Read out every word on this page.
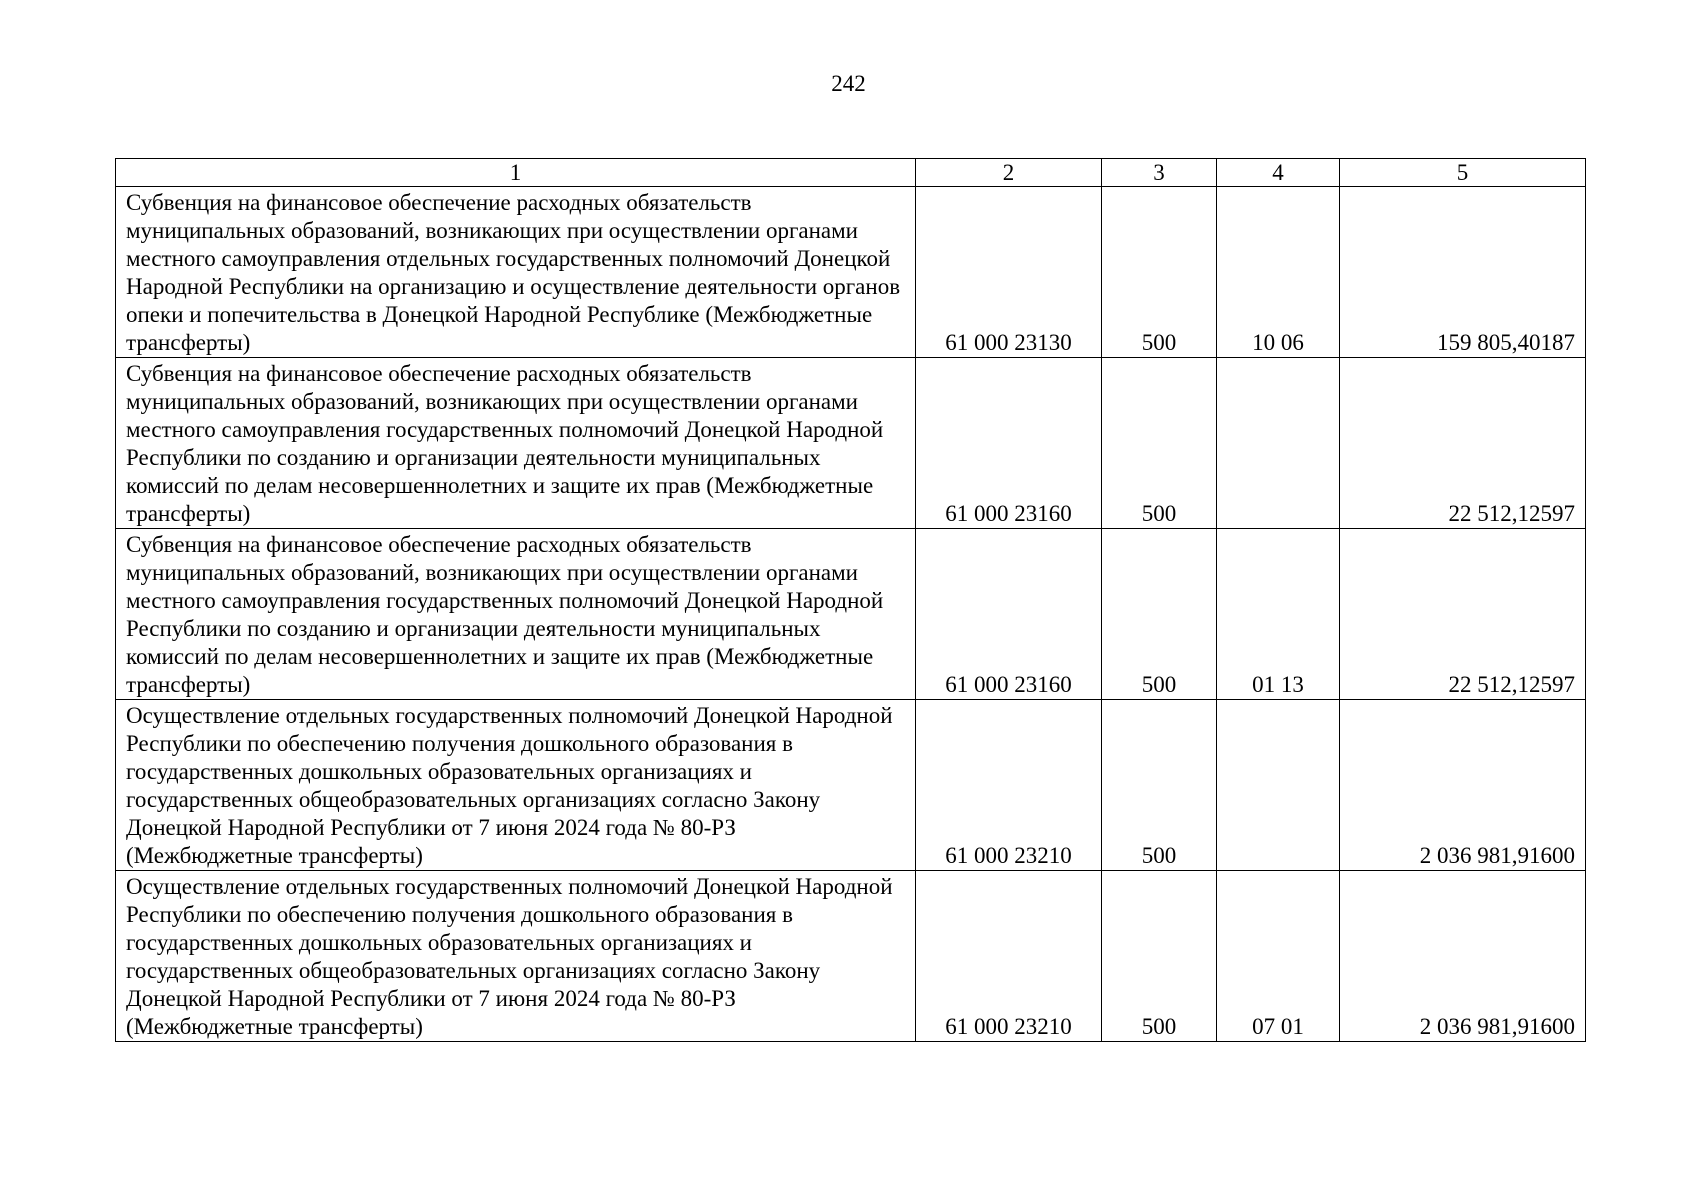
242
1	2	3	4	5
Субвенция на финансовое обеспечение расходных обязательств муниципальных образований, возникающих при осуществлении органами местного самоуправления отдельных государственных полномочий Донецкой Народной Республики на организацию и осуществление деятельности органов опеки и попечительства в Донецкой Народной Республике (Межбюджетные трансферты)	61 000 23130	500	10 06	159 805,40187
Субвенция на финансовое обеспечение расходных обязательств муниципальных образований, возникающих при осуществлении органами местного самоуправления государственных полномочий Донецкой Народной Республики по созданию и организации деятельности муниципальных комиссий по делам несовершеннолетних и защите их прав (Межбюджетные трансферты)	61 000 23160	500		22 512,12597
Субвенция на финансовое обеспечение расходных обязательств муниципальных образований, возникающих при осуществлении органами местного самоуправления государственных полномочий Донецкой Народной Республики по созданию и организации деятельности муниципальных комиссий по делам несовершеннолетних и защите их прав (Межбюджетные трансферты)	61 000 23160	500	01 13	22 512,12597
Осуществление отдельных государственных полномочий Донецкой Народной Республики по обеспечению получения дошкольного образования в государственных дошкольных образовательных организациях и государственных общеобразовательных организациях согласно Закону Донецкой Народной Республики от 7 июня 2024 года № 80-РЗ (Межбюджетные трансферты)	61 000 23210	500		2 036 981,91600
Осуществление отдельных государственных полномочий Донецкой Народной Республики по обеспечению получения дошкольного образования в государственных дошкольных образовательных организациях и государственных общеобразовательных организациях согласно Закону Донецкой Народной Республики от 7 июня 2024 года № 80-РЗ (Межбюджетные трансферты)	61 000 23210	500	07 01	2 036 981,91600
